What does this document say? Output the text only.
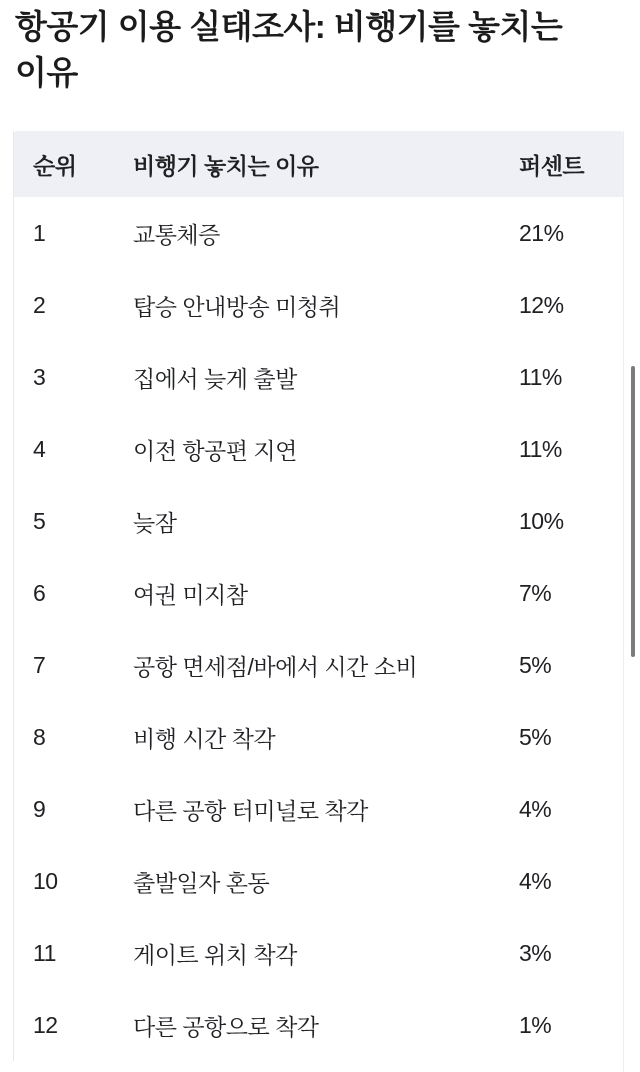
항공기 이용 실태조사: 비행기를 놓치는 이유
순위	비행기 놓치는 이유	퍼센트
1	교통체증	21%
2	탑승 안내방송 미청취	12%
3	집에서 늦게 출발	11%
4	이전 항공편 지연	11%
5	늦잠	10%
6	여권 미지참	7%
7	공항 면세점/바에서 시간 소비	5%
8	비행 시간 착각	5%
9	다른 공항 터미널로 착각	4%
10	출발일자 혼동	4%
11	게이트 위치 착각	3%
12	다른 공항으로 착각	1%
